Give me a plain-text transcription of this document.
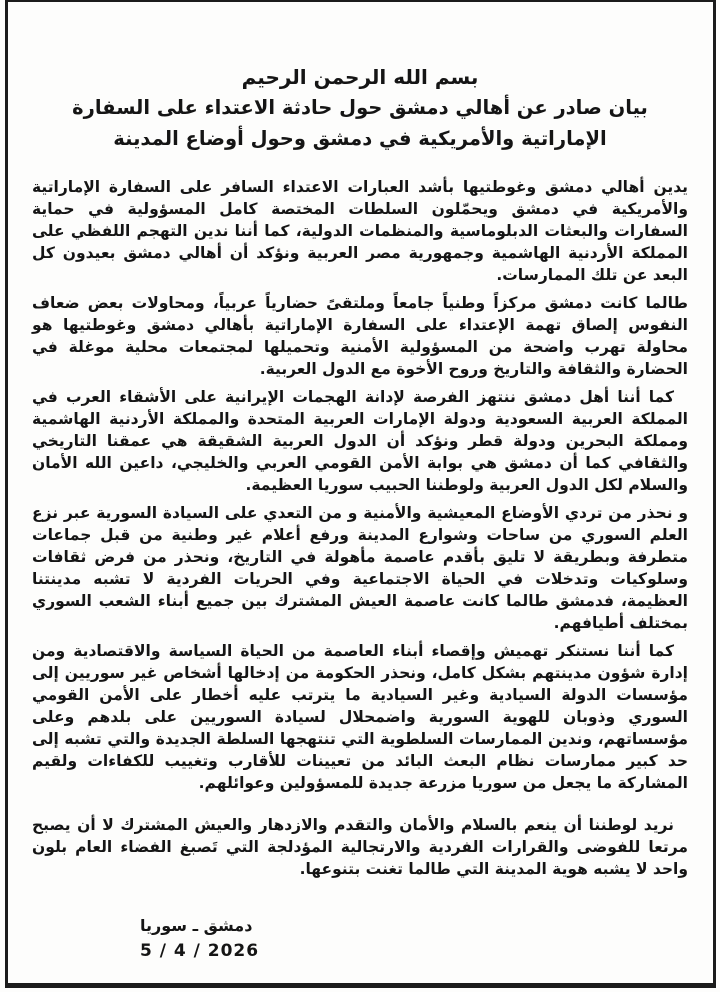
بسم الله الرحمن الرحيم
بيان صادر عن أهالي دمشق حول حادثة الاعتداء على السفارة
الإماراتية والأمريكية في دمشق وحول أوضاع المدينة

يدين أهالي دمشق وغوطتيها بأشد العبارات الاعتداء السافر على السفارة الإماراتية والأمريكية في دمشق ويحمّلون السلطات المختصة كامل المسؤولية في حماية السفارات والبعثات الدبلوماسية والمنظمات الدولية، كما أننا ندين التهجم اللفظي على المملكة الأردنية الهاشمية وجمهورية مصر العربية ونؤكد أن أهالي دمشق بعيدون كل البعد عن تلك الممارسات.

طالما كانت دمشق مركزاً وطنياً جامعاً وملتقىً حضارياً عربياً، ومحاولات بعض ضعاف النفوس إلصاق تهمة الإعتداء على السفارة الإماراتية بأهالي دمشق وغوطتيها هو محاولة تهرب واضحة من المسؤولية الأمنية وتحميلها لمجتمعات محلية موغلة في الحضارة والثقافة والتاريخ وروح الأخوة مع الدول العربية.

كما أننا أهل دمشق ننتهز الفرصة لإدانة الهجمات الإيرانية على الأشقاء العرب في المملكة العربية السعودية ودولة الإمارات العربية المتحدة والمملكة الأردنية الهاشمية ومملكة البحرين ودولة قطر ونؤكد أن الدول العربية الشقيقة هي عمقنا التاريخي والثقافي كما أن دمشق هي بوابة الأمن القومي العربي والخليجي، داعين الله الأمان والسلام لكل الدول العربية ولوطننا الحبيب سوريا العظيمة.

و نحذر من تردي الأوضاع المعيشية والأمنية و من التعدي على السيادة السورية عبر نزع العلم السوري من ساحات وشوارع المدينة ورفع أعلام غير وطنية من قبل جماعات متطرفة وبطريقة لا تليق بأقدم عاصمة مأهولة في التاريخ، ونحذر من فرض ثقافات وسلوكيات وتدخلات في الحياة الاجتماعية وفي الحريات الفردية لا تشبه مدينتنا العظيمة، فدمشق طالما كانت عاصمة العيش المشترك بين جميع أبناء الشعب السوري بمختلف أطيافهم.

كما أننا نستنكر تهميش وإقصاء أبناء العاصمة من الحياة السياسة والاقتصادية ومن إدارة شؤون مدينتهم بشكل كامل، ونحذر الحكومة من إدخالها أشخاص غير سوريين إلى مؤسسات الدولة السيادية وغير السيادية ما يترتب عليه أخطار على الأمن القومي السوري وذوبان للهوية السورية واضمحلال لسيادة السوريين على بلدهم وعلى مؤسساتهم، وندين الممارسات السلطوية التي تنتهجها السلطة الجديدة والتي تشبه إلى حد كبير ممارسات نظام البعث البائد من تعيينات للأقارب وتغييب للكفاءات ولقيم المشاركة ما يجعل من سوريا مزرعة جديدة للمسؤولين وعوائلهم.

نريد لوطننا أن ينعم بالسلام والأمان والتقدم والازدهار والعيش المشترك لا أن يصبح مرتعا للفوضى والقرارات الفردية والارتجالية المؤدلجة التي تَصبغ الفضاء العام بلون واحد لا يشبه هوية المدينة التي طالما تغنت بتنوعها.

دمشق ـ سوريا
5 / 4 / 2026
